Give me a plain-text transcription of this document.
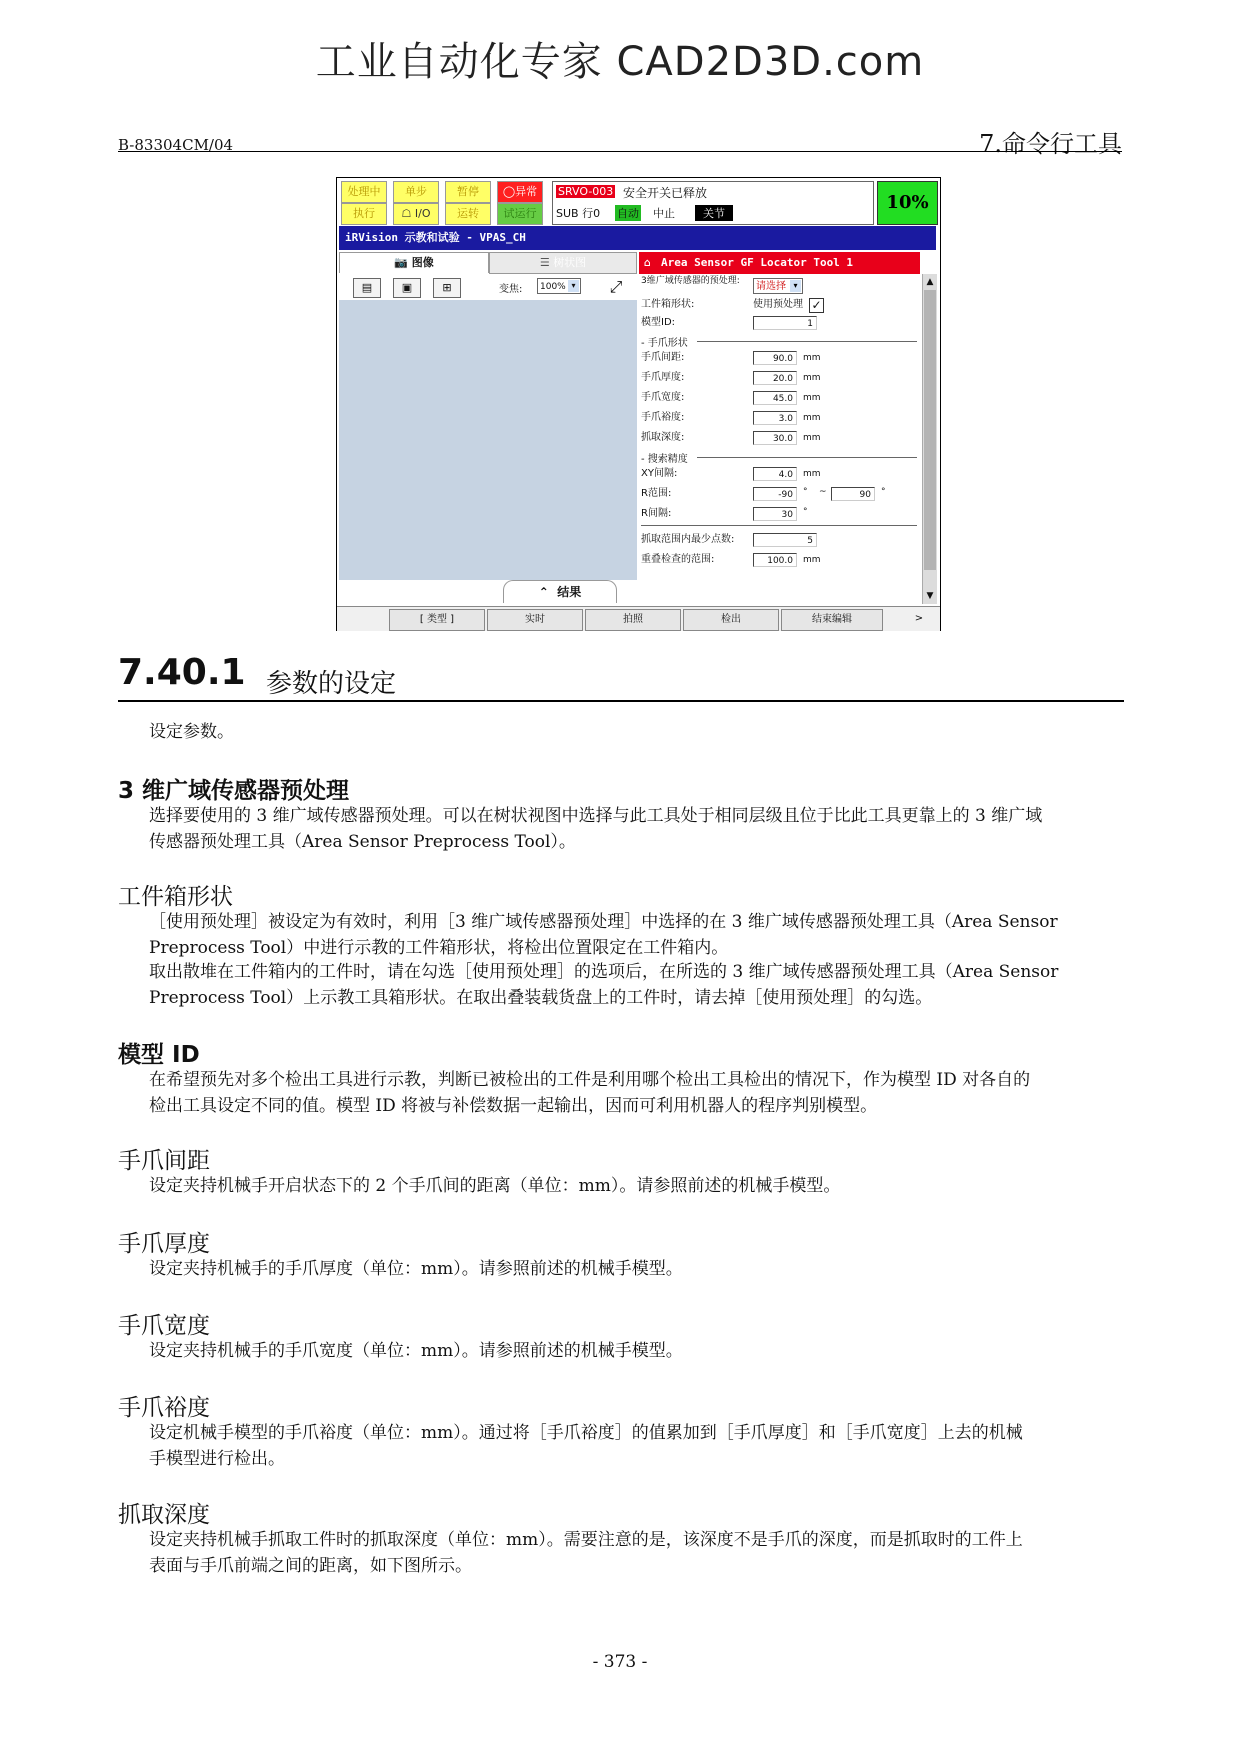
工业自动化专家 CAD2D3D.com
B-83304CM/04	7.命令行工具
处理中	单步	暂停	◯异常
执行	☖ I/O	运转	试运行
SRVO-003 安全开关已释放
SUB 行0 自动 中止	关节
10%
iRVision 示教和试验 - VPAS_CH
📷 图像	☰ 树状图
▤	▣	⊞	变焦:	100% ▾	⤢
⌃ 结果
⌂ Area Sensor GF Locator Tool 1
3维广域传感器的预处理:	请选择 ▾
工件箱形状:	使用预处理 ✓
模型ID:	1
- 手爪形状
手爪间距:	90.0	mm
手爪厚度:	20.0	mm
手爪宽度:	45.0	mm
手爪裕度:	3.0	mm
抓取深度:	30.0	mm
- 搜索精度
XY间隔:	4.0	mm
R范围:	-90	° ~	90	°
R间隔:	30	°
抓取范围内最少点数:	5
重叠检查的范围:	100.0	mm
▲
▼
[ 类型 ]	实时	拍照	检出	结束编辑	>
7.40.1 参数的设定
设定参数。
3 维广域传感器预处理
选择要使用的 3 维广域传感器预处理。可以在树状视图中选择与此工具处于相同层级且位于比此工具更靠上的 3 维广域
传感器预处理工具（Area Sensor Preprocess Tool）。
工件箱形状
［使用预处理］被设定为有效时，利用［3 维广域传感器预处理］中选择的在 3 维广域传感器预处理工具（Area Sensor
Preprocess Tool）中进行示教的工件箱形状，将检出位置限定在工件箱内。
取出散堆在工件箱内的工件时，请在勾选［使用预处理］的选项后，在所选的 3 维广域传感器预处理工具（Area Sensor
Preprocess Tool）上示教工具箱形状。在取出叠装载货盘上的工件时，请去掉［使用预处理］的勾选。
模型 ID
在希望预先对多个检出工具进行示教，判断已被检出的工件是利用哪个检出工具检出的情况下，作为模型 ID 对各自的
检出工具设定不同的值。模型 ID 将被与补偿数据一起输出，因而可利用机器人的程序判别模型。
手爪间距
设定夹持机械手开启状态下的 2 个手爪间的距离（单位：mm）。请参照前述的机械手模型。
手爪厚度
设定夹持机械手的手爪厚度（单位：mm）。请参照前述的机械手模型。
手爪宽度
设定夹持机械手的手爪宽度（单位：mm）。请参照前述的机械手模型。
手爪裕度
设定机械手模型的手爪裕度（单位：mm）。通过将［手爪裕度］的值累加到［手爪厚度］和［手爪宽度］上去的机械
手模型进行检出。
抓取深度
设定夹持机械手抓取工件时的抓取深度（单位：mm）。需要注意的是，该深度不是手爪的深度，而是抓取时的工件上
表面与手爪前端之间的距离，如下图所示。
- 373 -
